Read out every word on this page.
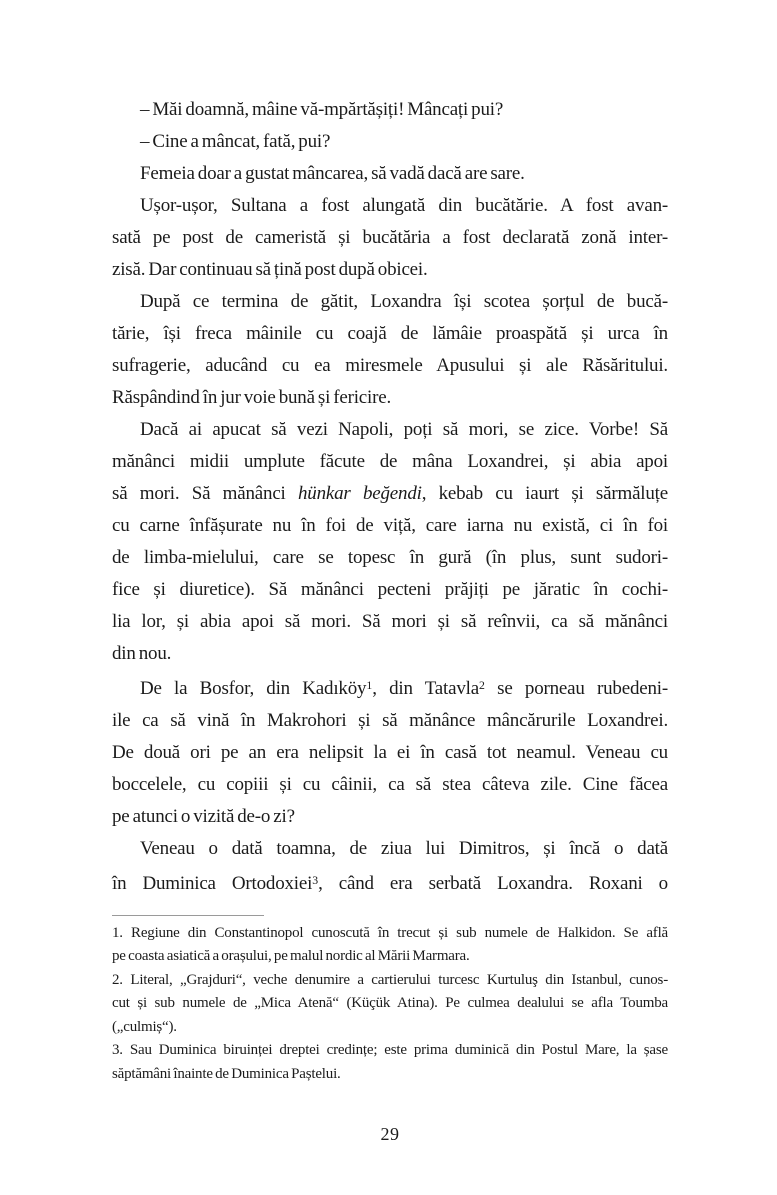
– Măi doamnă, mâine vă-mpărtășiți! Mâncați pui?
– Cine a mâncat, fată, pui?
Femeia doar a gustat mâncarea, să vadă dacă are sare.
Ușor-ușor, Sultana a fost alungată din bucătărie. A fost avan-
sată pe post de cameristă și bucătăria a fost declarată zonă inter-
zisă. Dar continuau să țină post după obicei.
După ce termina de gătit, Loxandra își scotea șorțul de bucă-
tărie, își freca mâinile cu coajă de lămâie proaspătă și urca în
sufragerie, aducând cu ea miresmele Apusului și ale Răsăritului.
Răspândind în jur voie bună și fericire.
Dacă ai apucat să vezi Napoli, poți să mori, se zice. Vorbe! Să
mănânci midii umplute făcute de mâna Loxandrei, și abia apoi
să mori. Să mănânci hünkar beğendi, kebab cu iaurt și sărmăluțe
cu carne înfășurate nu în foi de viță, care iarna nu există, ci în foi
de limba-mielului, care se topesc în gură (în plus, sunt sudori-
fice și diuretice). Să mănânci pecteni prăjiți pe jăratic în cochi-
lia lor, și abia apoi să mori. Să mori și să reînvii, ca să mănânci
din nou.
De la Bosfor, din Kadıköy$^1$, din Tatavla$^2$ se porneau rubedeni-
ile ca să vină în Makrohori și să mănânce mâncărurile Loxandrei.
De două ori pe an era nelipsit la ei în casă tot neamul. Veneau cu
boccelele, cu copiii și cu câinii, ca să stea câteva zile. Cine făcea
pe atunci o vizită de-o zi?
Veneau o dată toamna, de ziua lui Dimitros, și încă o dată
în Duminica Ortodoxiei$^3$, când era serbată Loxandra. Roxani o
1. Regiune din Constantinopol cunoscută în trecut și sub numele de Halkidon. Se află
pe coasta asiatică a orașului, pe malul nordic al Mării Marmara.
2. Literal, „Grajduri“, veche denumire a cartierului turcesc Kurtuluş din Istanbul, cunos-
cut și sub numele de „Mica Atenă“ (Küçük Atina). Pe culmea dealului se afla Toumba
(„culmiș“).
3. Sau Duminica biruinței dreptei credințe; este prima duminică din Postul Mare, la șase
săptămâni înainte de Duminica Paștelui.
29
